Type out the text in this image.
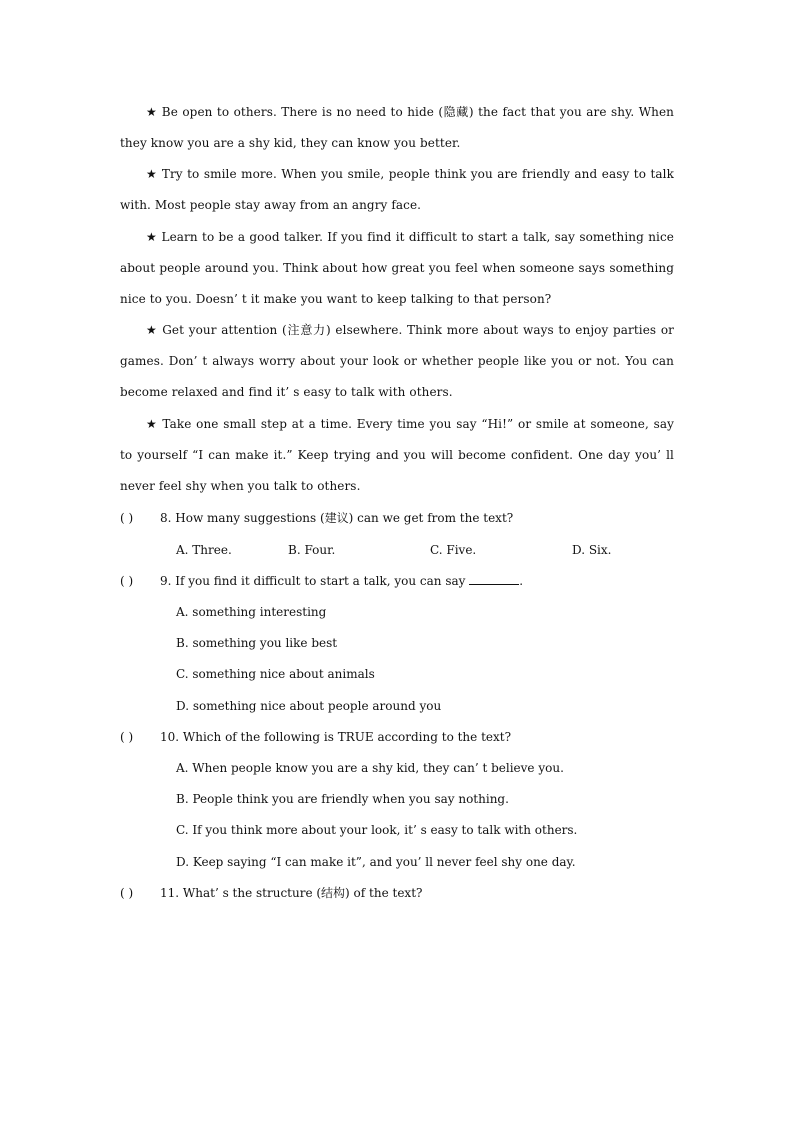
★ Be open to others. There is no need to hide (隐藏) the fact that you are shy. When they know you are a shy kid, they can know you better.

★ Try to smile more. When you smile, people think you are friendly and easy to talk with. Most people stay away from an angry face.

★ Learn to be a good talker. If you find it difficult to start a talk, say something nice about people around you. Think about how great you feel when someone says something nice to you. Doesn’ t it make you want to keep talking to that person?

★ Get your attention (注意力) elsewhere. Think more about ways to enjoy parties or games. Don’ t always worry about your look or whether people like you or not. You can become relaxed and find it’ s easy to talk with others.

★ Take one small step at a time. Every time you say “Hi!” or smile at someone, say to yourself “I can make it.” Keep trying and you will become confident. One day you’ ll never feel shy when you talk to others.

( ) 8. How many suggestions (建议) can we get from the text?
A. Three.	B. Four.	C. Five.	D. Six.
( ) 9. If you find it difficult to start a talk, you can say	.
A. something interesting
B. something you like best
C. something nice about animals
D. something nice about people around you
( ) 10. Which of the following is TRUE according to the text?
A. When people know you are a shy kid, they can’ t believe you.
B. People think you are friendly when you say nothing.
C. If you think more about your look, it’ s easy to talk with others.
D. Keep saying “I can make it”, and you’ ll never feel shy one day.
( ) 11. What’ s the structure (结构) of the text?
